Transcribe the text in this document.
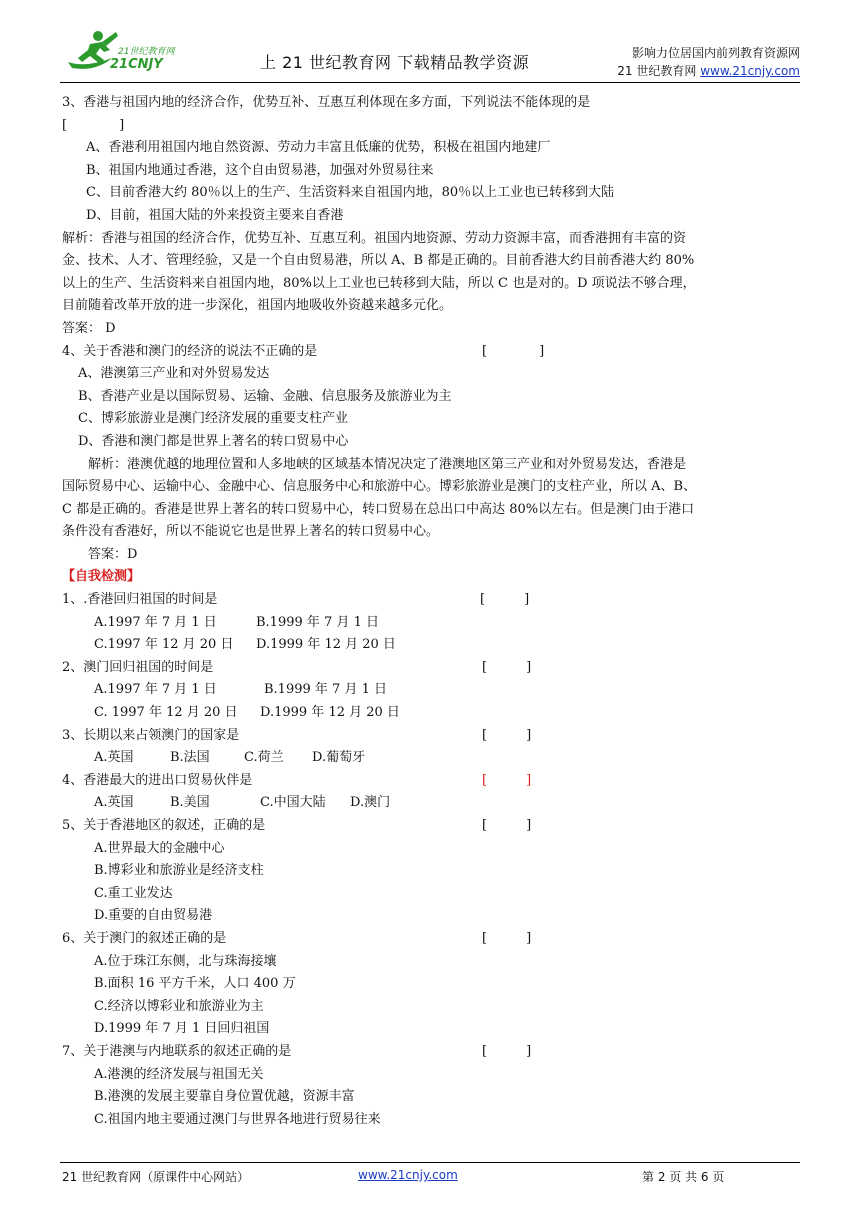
21世纪教育网
21CNJY	上 21 世纪教育网 下载精品教学资源	影响力位居国内前列教育资源网
21 世纪教育网 www.21cnjy.com
3、香港与祖国内地的经济合作，优势互补、互惠互利体现在多方面，下列说法不能体现的是
[　　　　]
A、香港利用祖国内地自然资源、劳动力丰富且低廉的优势，积极在祖国内地建厂
B、祖国内地通过香港，这个自由贸易港，加强对外贸易往来
C、目前香港大约 80％以上的生产、生活资料来自祖国内地，80％以上工业也已转移到大陆
D、目前，祖国大陆的外来投资主要来自香港
解析：香港与祖国的经济合作，优势互补、互惠互利。祖国内地资源、劳动力资源丰富，而香港拥有丰富的资
金、技术、人才、管理经验，又是一个自由贸易港，所以 A、B 都是正确的。目前香港大约目前香港大约 80%
以上的生产、生活资料来自祖国内地，80%以上工业也已转移到大陆，所以 C 也是对的。D 项说法不够合理，
目前随着改革开放的进一步深化，祖国内地吸收外资越来越多元化。
答案： D
4、关于香港和澳门的经济的说法不正确的是	[　　　　]
A、港澳第三产业和对外贸易发达
B、香港产业是以国际贸易、运输、金融、信息服务及旅游业为主
C、博彩旅游业是澳门经济发展的重要支柱产业
D、香港和澳门都是世界上著名的转口贸易中心
解析：港澳优越的地理位置和人多地峡的区域基本情况决定了港澳地区第三产业和对外贸易发达，香港是
国际贸易中心、运输中心、金融中心、信息服务中心和旅游中心。博彩旅游业是澳门的支柱产业，所以 A、B、
C 都是正确的。香港是世界上著名的转口贸易中心，转口贸易在总出口中高达 80%以左右。但是澳门由于港口
条件没有香港好，所以不能说它也是世界上著名的转口贸易中心。
答案：D
【自我检测】
1、.香港回归祖国的时间是	[　　　]
A.1997 年 7 月 1 日	B.1999 年 7 月 1 日
C.1997 年 12 月 20 日 D.1999 年 12 月 20 日
2、澳门回归祖国的时间是	[　　　]
A.1997 年 7 月 1 日	B.1999 年 7 月 1 日
C. 1997 年 12 月 20 日 D.1999 年 12 月 20 日
3、长期以来占领澳门的国家是	[　　　]
A.英国	B.法国	C.荷兰 D.葡萄牙
4、香港最大的进出口贸易伙伴是	[　　　]
A.英国	B.美国	C.中国大陆 D.澳门
5、关于香港地区的叙述，正确的是	[　　　]
A.世界最大的金融中心
B.博彩业和旅游业是经济支柱
C.重工业发达
D.重要的自由贸易港
6、关于澳门的叙述正确的是	[　　　]
A.位于珠江东侧，北与珠海接壤
B.面积 16 平方千米，人口 400 万
C.经济以博彩业和旅游业为主
D.1999 年 7 月 1 日回归祖国
7、关于港澳与内地联系的叙述正确的是	[　　　]
A.港澳的经济发展与祖国无关
B.港澳的发展主要靠自身位置优越，资源丰富
C.祖国内地主要通过澳门与世界各地进行贸易往来
21 世纪教育网（原课件中心网站）	www.21cnjy.com	第 2 页 共 6 页
